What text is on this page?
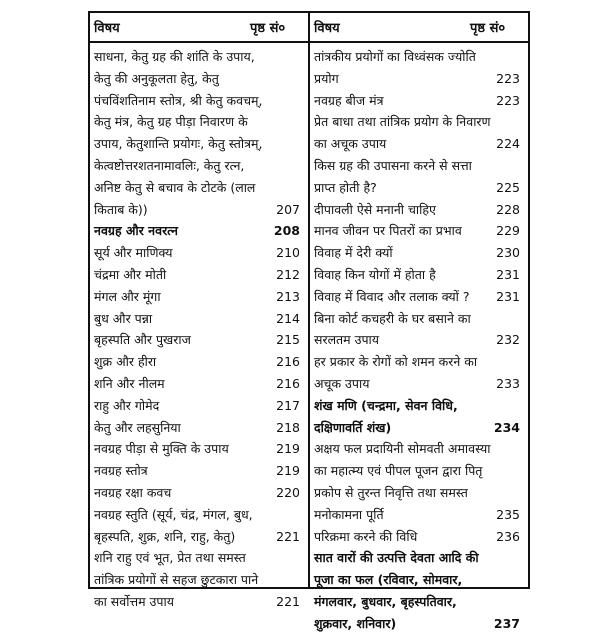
विषय	पृष्ठ सं० विषय	पृष्ठ सं०
साधना, केतु ग्रह की शांति के उपाय, केतु की अनुकूलता हेतु, केतु पंचविंशतिनाम स्तोत्र, श्री केतु कवचम्, केतु मंत्र, केतु ग्रह पीड़ा निवारण के उपाय, केतुशान्ति प्रयोगः, केतु स्तोत्रम्, केत्वष्टोत्तरशतनामावलिः, केतु रत्न, अनिष्ट केतु से बचाव के टोटके (लाल किताब के))	207
नवग्रह और नवरत्न	208
सूर्य और माणिक्य	210
चंद्रमा और मोती	212
मंगल और मूंगा	213
बुध और पन्ना	214
बृहस्पति और पुखराज	215
शुक्र और हीरा	216
शनि और नीलम	216
राहु और गोमेद	217
केतु और लहसुनिया	218
नवग्रह पीड़ा से मुक्ति के उपाय	219
नवग्रह स्तोत्र	219
नवग्रह रक्षा कवच	220
नवग्रह स्तुति (सूर्य, चंद्र, मंगल, बुध, बृहस्पति, शुक्र, शनि, राहु, केतु)	221
शनि राहु एवं भूत, प्रेत तथा समस्त तांत्रिक प्रयोगों से सहज छुटकारा पाने का सर्वोत्तम उपाय	221
तांत्रकीय प्रयोगों का विध्वंसक ज्योति प्रयोग	223
नवग्रह बीज मंत्र	223
प्रेत बाधा तथा तांत्रिक प्रयोग के निवारण का अचूक उपाय	224
किस ग्रह की उपासना करने से सत्ता प्राप्त होती है?	225
दीपावली ऐसे मनानी चाहिए	228
मानव जीवन पर पितरों का प्रभाव	229
विवाह में देरी क्यों	230
विवाह किन योगों में होता है	231
विवाह में विवाद और तलाक क्यों ?	231
बिना कोर्ट कचहरी के घर बसाने का सरलतम उपाय	232
हर प्रकार के रोगों को शमन करने का अचूक उपाय	233
शंख मणि (चन्द्रमा, सेवन विधि, दक्षिणावर्ति शंख)	234
अक्षय फल प्रदायिनी सोमवती अमावस्या का महात्म्य एवं पीपल पूजन द्वारा पितृ प्रकोप से तुरन्त निवृत्ति तथा समस्त मनोकामना पूर्ति	235
परिक्रमा करने की विधि	236
सात वारों की उत्पत्ति देवता आदि की पूजा का फल (रविवार, सोमवार, मंगलवार, बुधवार, बृहस्पतिवार, शुक्रवार, शनिवार)	237
